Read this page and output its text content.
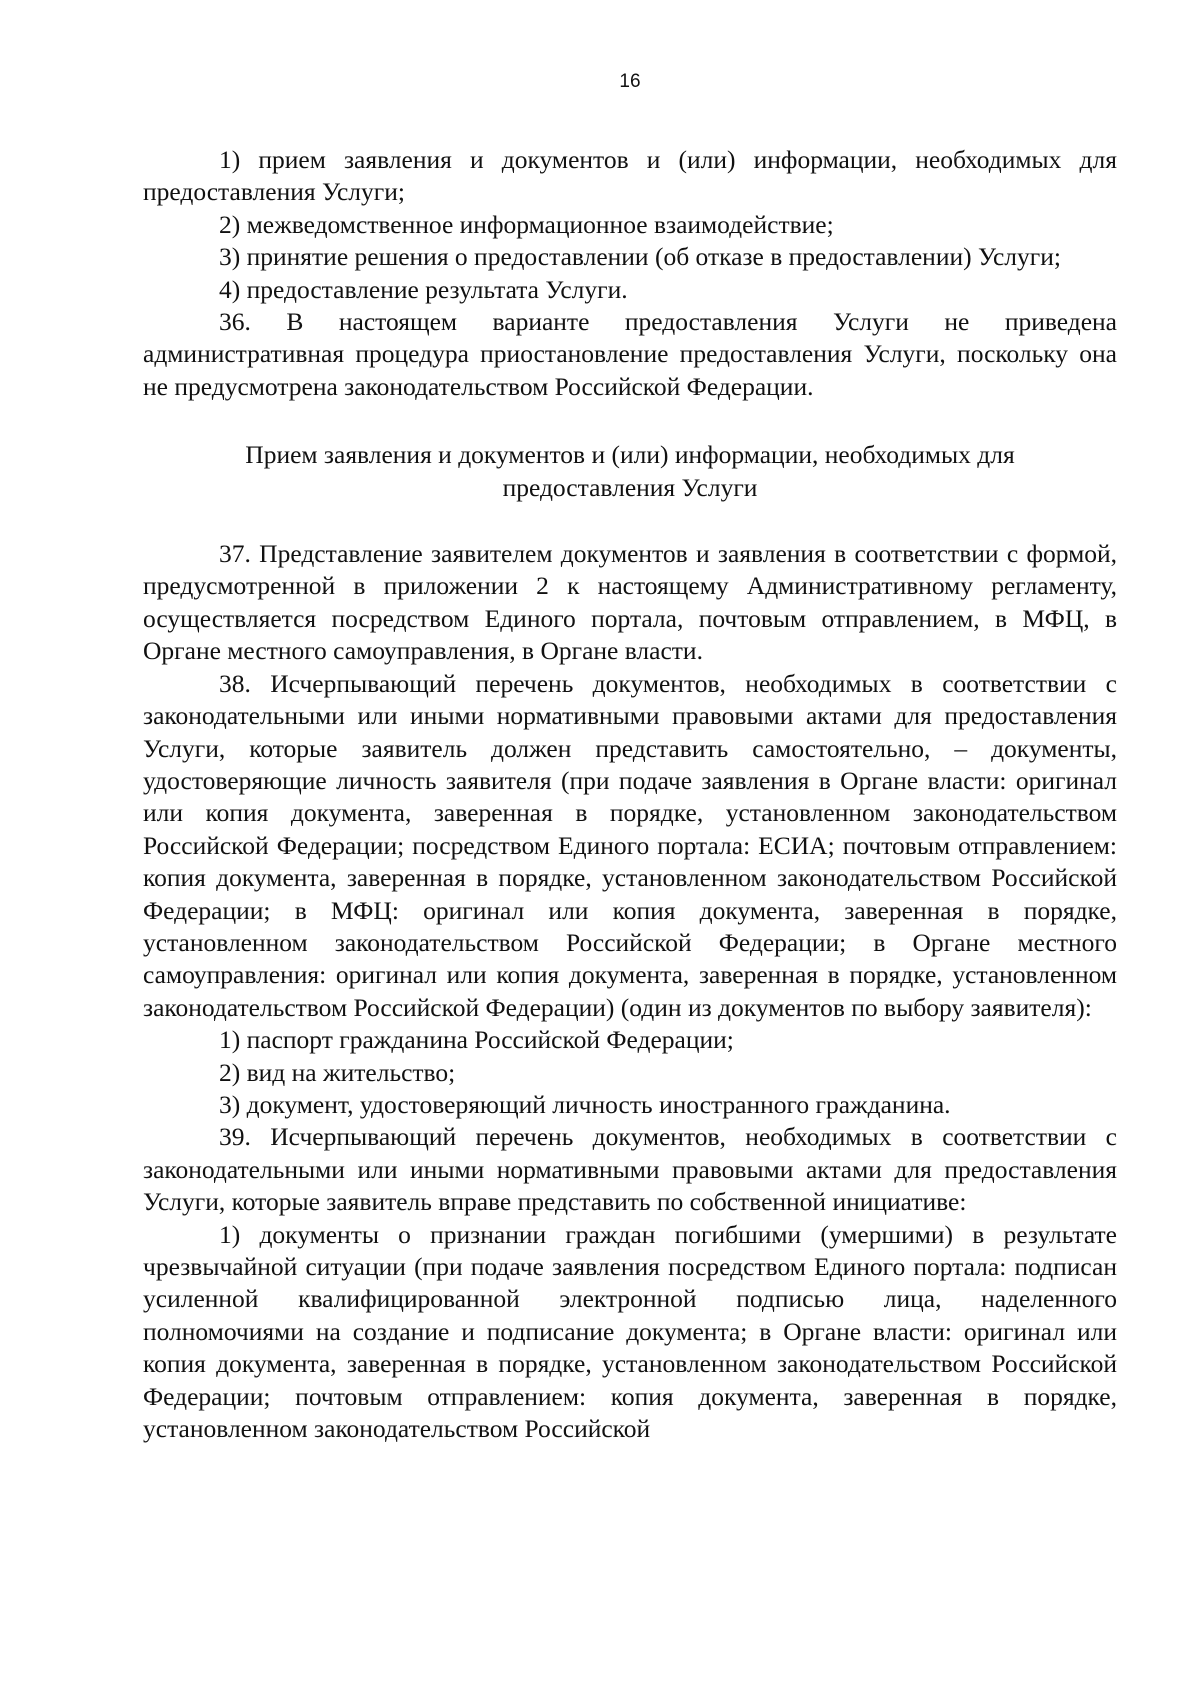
16

1) прием заявления и документов и (или) информации, необходимых для предоставления Услуги;

2) межведомственное информационное взаимодействие;

3) принятие решения о предоставлении (об отказе в предоставлении) Услуги;

4) предоставление результата Услуги.

36. В настоящем варианте предоставления Услуги не приведена административная процедура приостановление предоставления Услуги, поскольку она не предусмотрена законодательством Российской Федерации.

Прием заявления и документов и (или) информации, необходимых для предоставления Услуги

37. Представление заявителем документов и заявления в соответствии с формой, предусмотренной в приложении 2 к настоящему Административному регламенту, осуществляется посредством Единого портала, почтовым отправлением, в МФЦ, в Органе местного самоуправления, в Органе власти.

38. Исчерпывающий перечень документов, необходимых в соответствии с законодательными или иными нормативными правовыми актами для предоставления Услуги, которые заявитель должен представить самостоятельно, – документы, удостоверяющие личность заявителя (при подаче заявления в Органе власти: оригинал или копия документа, заверенная в порядке, установленном законодательством Российской Федерации; посредством Единого портала: ЕСИА; почтовым отправлением: копия документа, заверенная в порядке, установленном законодательством Российской Федерации; в МФЦ: оригинал или копия документа, заверенная в порядке, установленном законодательством Российской Федерации; в Органе местного самоуправления: оригинал или копия документа, заверенная в порядке, установленном законодательством Российской Федерации) (один из документов по выбору заявителя):

1) паспорт гражданина Российской Федерации;

2) вид на жительство;

3) документ, удостоверяющий личность иностранного гражданина.

39. Исчерпывающий перечень документов, необходимых в соответствии с законодательными или иными нормативными правовыми актами для предоставления Услуги, которые заявитель вправе представить по собственной инициативе:

1) документы о признании граждан погибшими (умершими) в результате чрезвычайной ситуации (при подаче заявления посредством Единого портала: подписан усиленной квалифицированной электронной подписью лица, наделенного полномочиями на создание и подписание документа; в Органе власти: оригинал или копия документа, заверенная в порядке, установленном законодательством Российской Федерации; почтовым отправлением: копия документа, заверенная в порядке, установленном законодательством Российской
